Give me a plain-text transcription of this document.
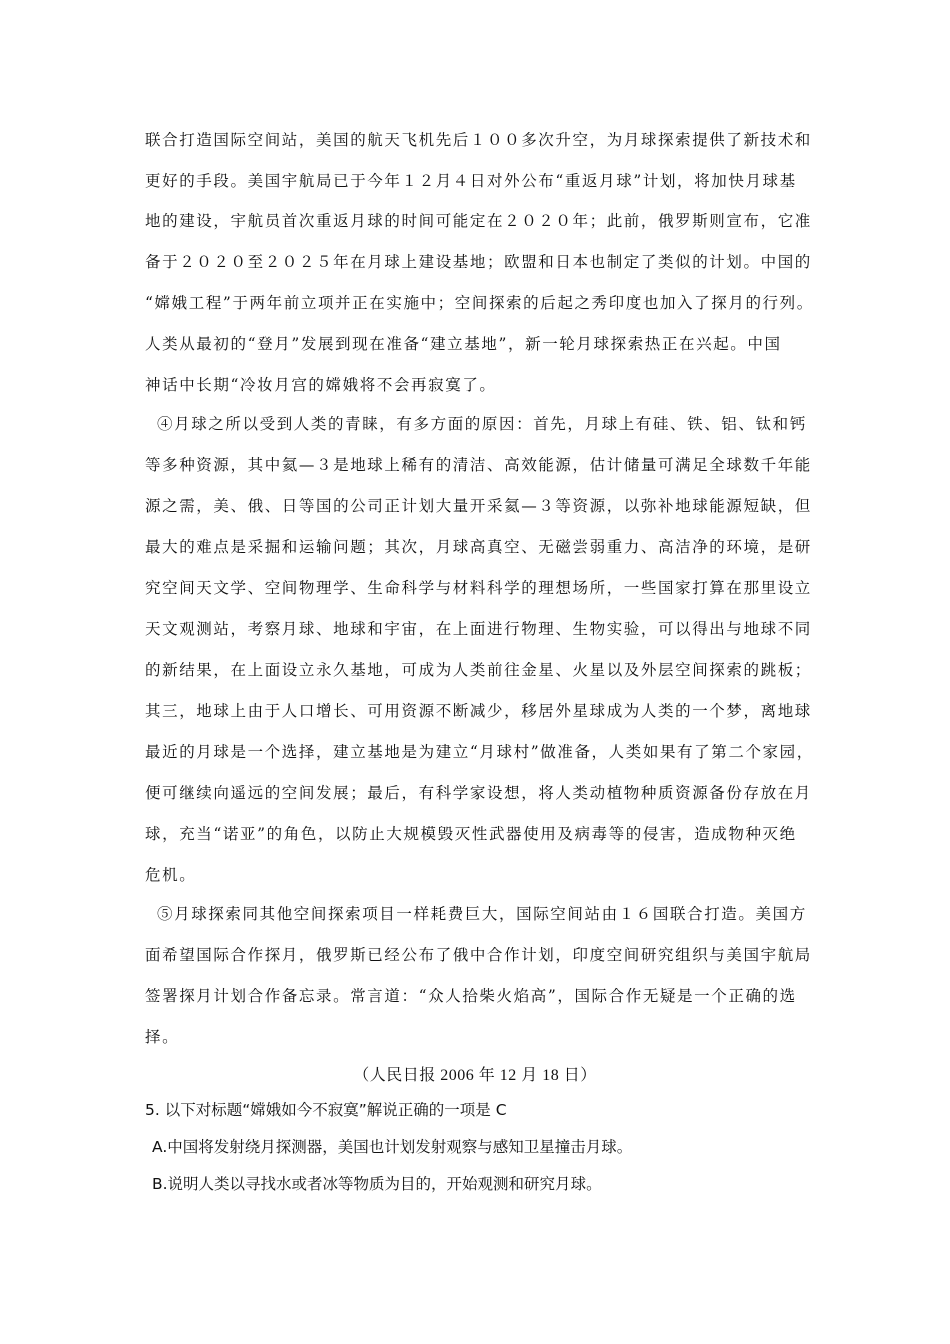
联合打造国际空间站，美国的航天飞机先后１００多次升空，为月球探索提供了新技术和
更好的手段。美国宇航局已于今年１２月４日对外公布“重返月球”计划，将加快月球基
地的建设，宇航员首次重返月球的时间可能定在２０２０年；此前，俄罗斯则宣布，它准
备于２０２０至２０２５年在月球上建设基地；欧盟和日本也制定了类似的计划。中国的
“嫦娥工程”于两年前立项并正在实施中；空间探索的后起之秀印度也加入了探月的行列。
人类从最初的“登月”发展到现在准备“建立基地”，新一轮月球探索热正在兴起。中国
神话中长期“冷妆月宫的嫦娥将不会再寂寞了。
④月球之所以受到人类的青睐，有多方面的原因：首先，月球上有硅、铁、铝、钛和钙
等多种资源，其中氦—３是地球上稀有的清洁、高效能源，估计储量可满足全球数千年能
源之需，美、俄、日等国的公司正计划大量开采氦—３等资源，以弥补地球能源短缺，但
最大的难点是采掘和运输问题；其次，月球高真空、无磁尝弱重力、高洁净的环境，是研
究空间天文学、空间物理学、生命科学与材料科学的理想场所，一些国家打算在那里设立
天文观测站，考察月球、地球和宇宙，在上面进行物理、生物实验，可以得出与地球不同
的新结果，在上面设立永久基地，可成为人类前往金星、火星以及外层空间探索的跳板；
其三，地球上由于人口增长、可用资源不断减少，移居外星球成为人类的一个梦，离地球
最近的月球是一个选择，建立基地是为建立“月球村”做准备，人类如果有了第二个家园，
便可继续向遥远的空间发展；最后，有科学家设想，将人类动植物种质资源备份存放在月
球，充当“诺亚”的角色，以防止大规模毁灭性武器使用及病毒等的侵害，造成物种灭绝
危机。
⑤月球探索同其他空间探索项目一样耗费巨大，国际空间站由１６国联合打造。美国方
面希望国际合作探月，俄罗斯已经公布了俄中合作计划，印度空间研究组织与美国宇航局
签署探月计划合作备忘录。常言道：“众人拾柴火焰高”，国际合作无疑是一个正确的选
择。
（人民日报 2006 年 12 月 18 日）
5. 以下对标题“嫦娥如今不寂寞”解说正确的一项是 C
A.中国将发射绕月探测器，美国也计划发射观察与感知卫星撞击月球。
B.说明人类以寻找水或者冰等物质为目的，开始观测和研究月球。
